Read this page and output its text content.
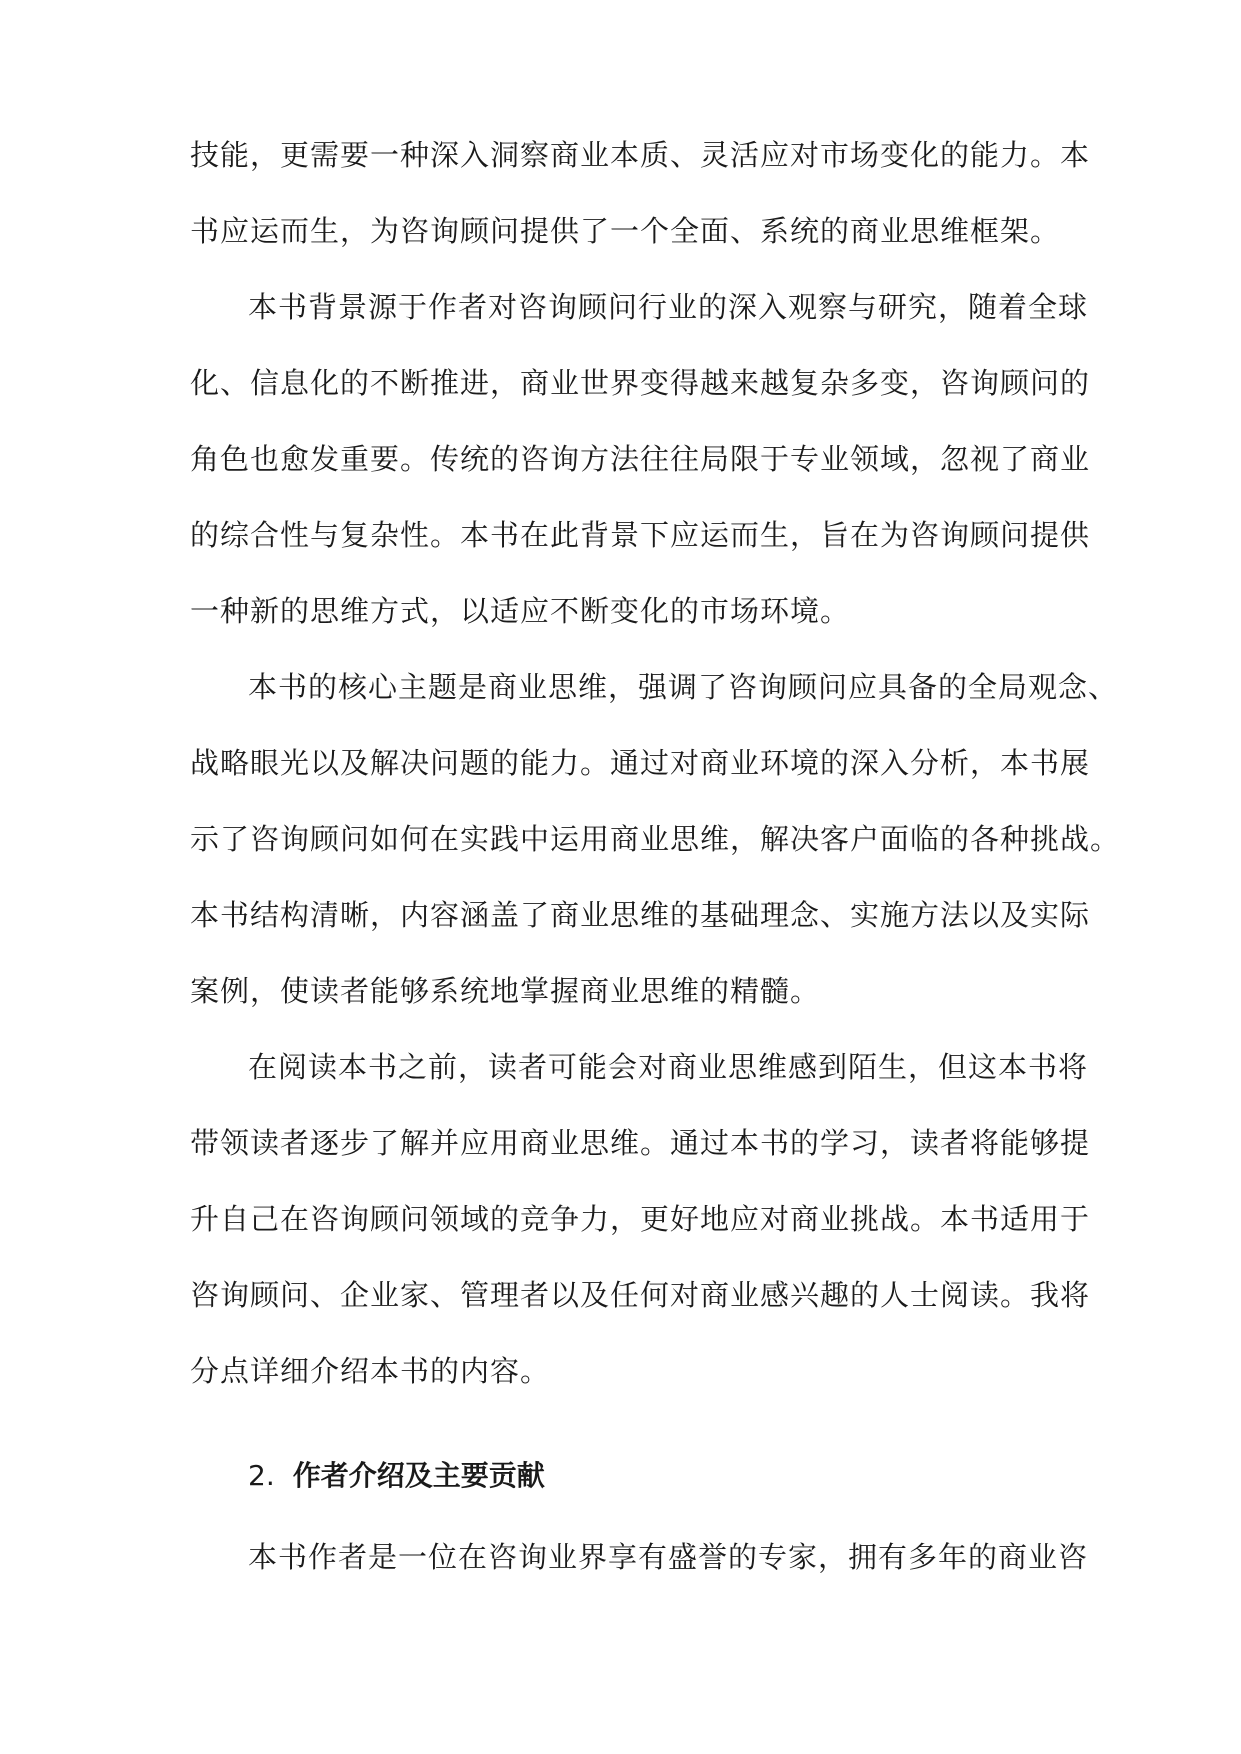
技能，更需要一种深入洞察商业本质、灵活应对市场变化的能力。本
书应运而生，为咨询顾问提供了一个全面、系统的商业思维框架。
本书背景源于作者对咨询顾问行业的深入观察与研究，随着全球
化、信息化的不断推进，商业世界变得越来越复杂多变，咨询顾问的
角色也愈发重要。传统的咨询方法往往局限于专业领域，忽视了商业
的综合性与复杂性。本书在此背景下应运而生，旨在为咨询顾问提供
一种新的思维方式，以适应不断变化的市场环境。
本书的核心主题是商业思维，强调了咨询顾问应具备的全局观念、
战略眼光以及解决问题的能力。通过对商业环境的深入分析，本书展
示了咨询顾问如何在实践中运用商业思维，解决客户面临的各种挑战。
本书结构清晰，内容涵盖了商业思维的基础理念、实施方法以及实际
案例，使读者能够系统地掌握商业思维的精髓。
在阅读本书之前，读者可能会对商业思维感到陌生，但这本书将
带领读者逐步了解并应用商业思维。通过本书的学习，读者将能够提
升自己在咨询顾问领域的竞争力，更好地应对商业挑战。本书适用于
咨询顾问、企业家、管理者以及任何对商业感兴趣的人士阅读。我将
分点详细介绍本书的内容。
2. 作者介绍及主要贡献
本书作者是一位在咨询业界享有盛誉的专家，拥有多年的商业咨
